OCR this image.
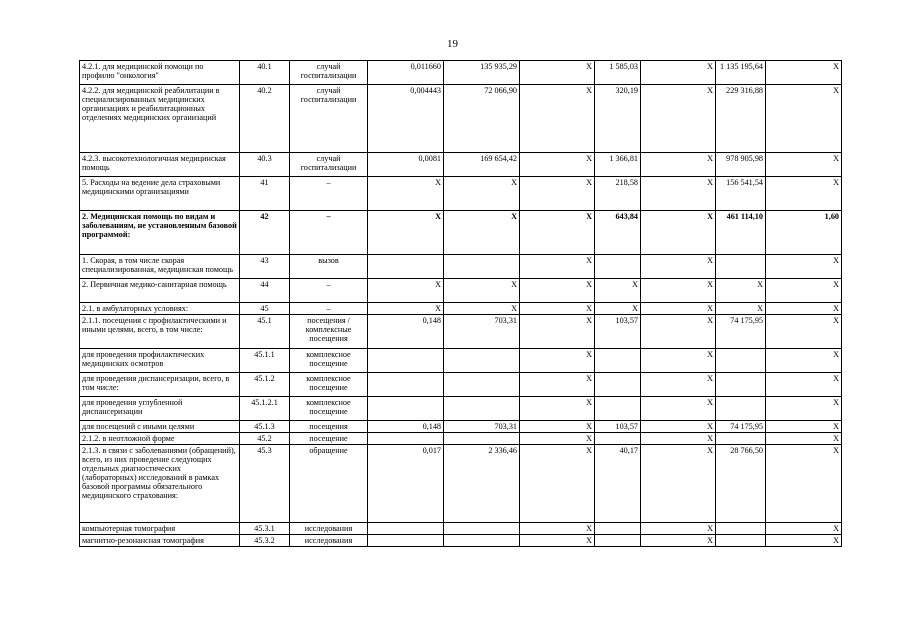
19
4.2.1. для медицинской помощи по профилю "онкология"	40.1	случай госпитализации	0,011660	135 935,29	X	1 585,03	X	1 135 195,64	X
4.2.2. для медицинской реабилитации в специализированных медицинских организациях и реабилитационных отделениях медицинских организаций	40.2	случай госпитализации	0,004443	72 066,90	X	320,19	X	229 316,88	X
4.2.3. высокотехнологичная медицинская помощь	40.3	случай госпитализации	0,0081	169 654,42	X	1 366,81	X	978 905,98	X
5. Расходы на ведение дела страховыми медицинскими организациями	41	–	X	X	X	218,58	X	156 541,54	X
2. Медицинская помощь по видам и заболеваниям, не установленным базовой программой:	42	–	X	X	X	643,84	X	461 114,10	1,60
1. Скорая, в том числе скорая специализированная, медицинская помощь	43	вызов			X		X		X
2. Первичная медико-санитарная помощь	44	–	X	X	X	X	X	X	X
2.1. в амбулаторных условиях:	45	–	X	X	X	X	X	X	X
2.1.1. посещения с профилактическими и иными целями, всего, в том числе:	45.1	посещения / комплексные посещения	0,148	703,31	X	103,57	X	74 175,95	X
для проведения профилактических медицинских осмотров	45.1.1	комплексное посещение			X		X		X
для проведения диспансеризации, всего, в том числе:	45.1.2	комплексное посещение			X		X		X
для проведения углубленной диспансеризации	45.1.2.1	комплексное посещение			X		X		X
для посещений с иными целями	45.1.3	посещения	0,148	703,31	X	103,57	X	74 175,95	X
2.1.2. в неотложной форме	45.2	посещение			X		X		X
2.1.3. в связи с заболеваниями (обращений), всего, из них проведение следующих отдельных диагностических (лабораторных) исследований в рамках базовой программы обязательного медицинского страхования:	45.3	обращение	0,017	2 336,46	X	40,17	X	28 766,50	X
компьютерная томография	45.3.1	исследования			X		X		X
магнитно-резонансная томография	45.3.2	исследования			X		X		X
